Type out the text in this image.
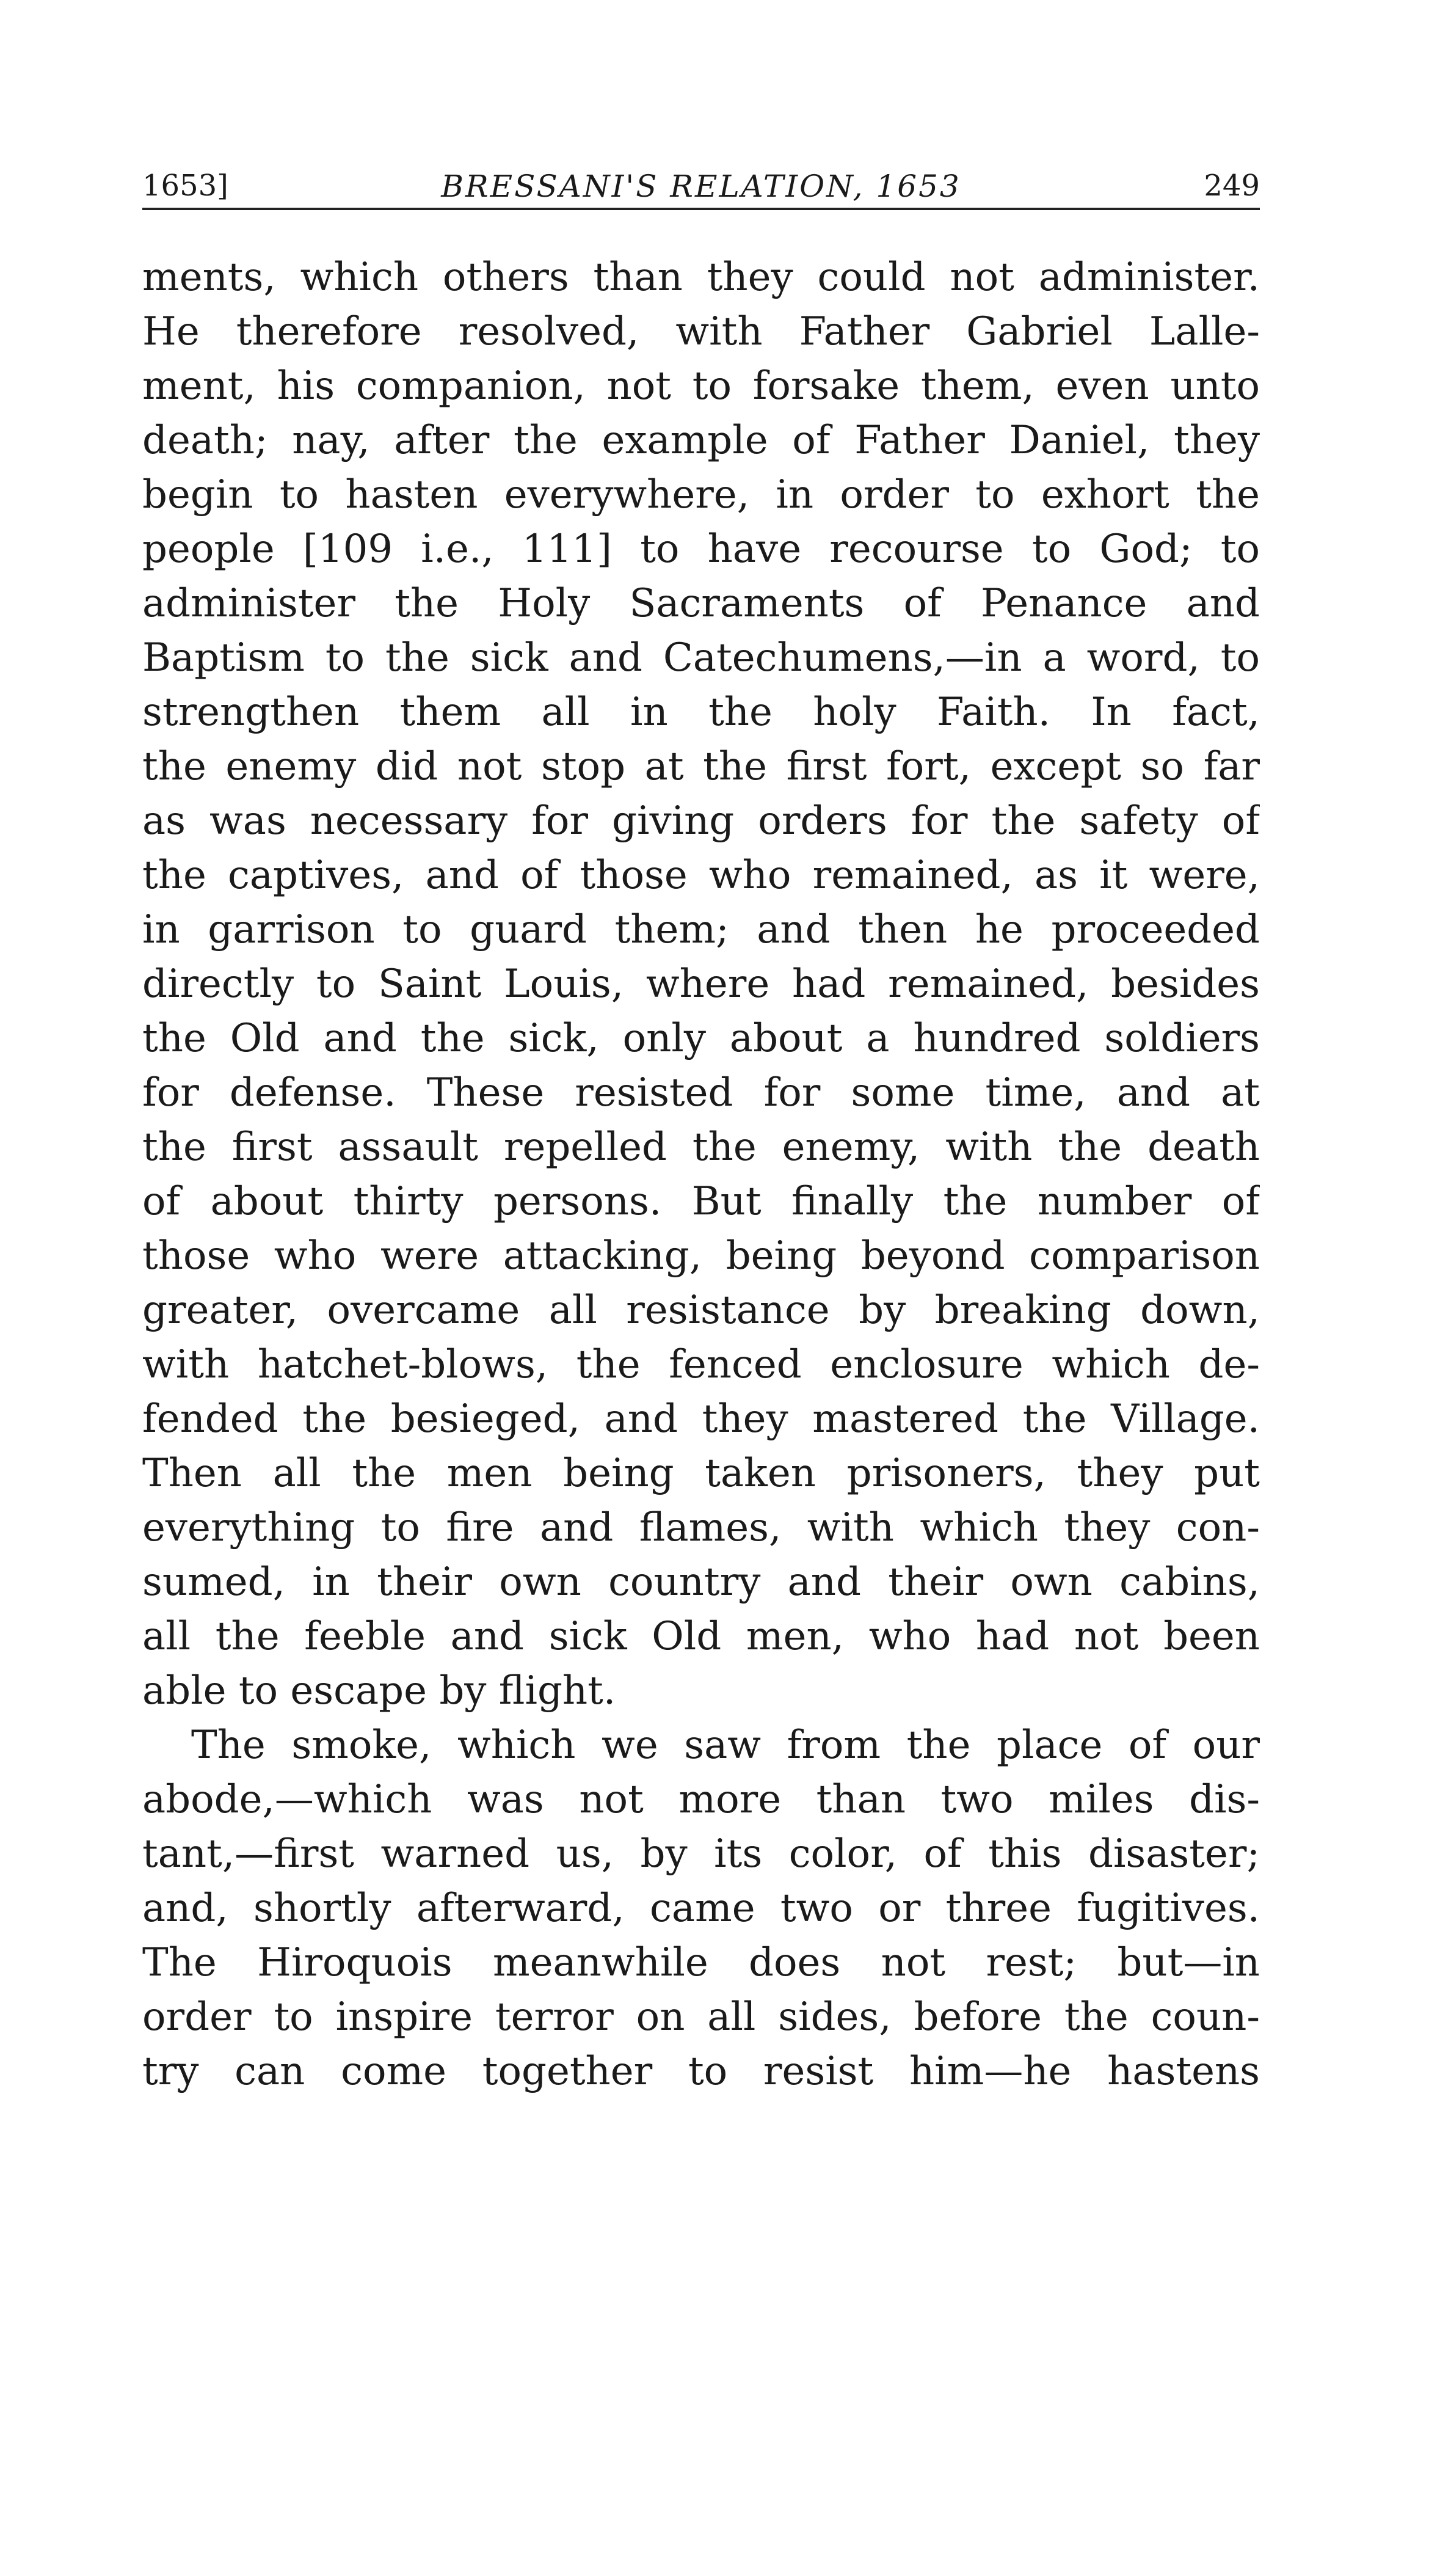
1653]	BRESSANI'S RELATION, 1653	249
ments, which others than they could not administer.
He therefore resolved, with Father Gabriel Lalle-
ment, his companion, not to forsake them, even unto
death; nay, after the example of Father Daniel, they
begin to hasten everywhere, in order to exhort the
people [109 i.e., 111] to have recourse to God; to
administer the Holy Sacraments of Penance and
Baptism to the sick and Catechumens,—in a word, to
strengthen them all in the holy Faith. In fact,
the enemy did not stop at the first fort, except so far
as was necessary for giving orders for the safety of
the captives, and of those who remained, as it were,
in garrison to guard them; and then he proceeded
directly to Saint Louis, where had remained, besides
the Old and the sick, only about a hundred soldiers
for defense. These resisted for some time, and at
the first assault repelled the enemy, with the death
of about thirty persons. But finally the number of
those who were attacking, being beyond comparison
greater, overcame all resistance by breaking down,
with hatchet-blows, the fenced enclosure which de-
fended the besieged, and they mastered the Village.
Then all the men being taken prisoners, they put
everything to fire and flames, with which they con-
sumed, in their own country and their own cabins,
all the feeble and sick Old men, who had not been
able to escape by flight.
The smoke, which we saw from the place of our
abode,—which was not more than two miles dis-
tant,—first warned us, by its color, of this disaster;
and, shortly afterward, came two or three fugitives.
The Hiroquois meanwhile does not rest; but—in
order to inspire terror on all sides, before the coun-
try can come together to resist him—he hastens
